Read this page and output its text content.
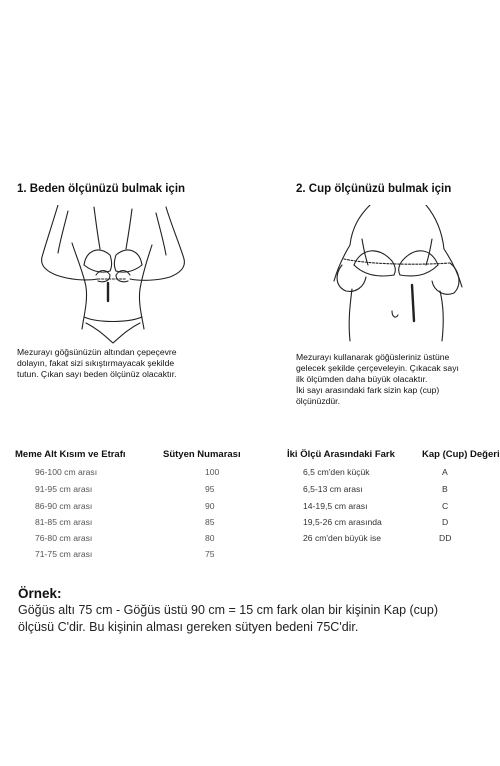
1. Beden ölçünüzü bulmak için
Mezurayı göğsünüzün altından çepeçevre
dolayın, fakat sizi sıkıştırmayacak şekilde
tutun. Çıkan sayı beden ölçünüz olacaktır.
2. Cup ölçünüzü bulmak için
Mezurayı kullanarak göğüsleriniz üstüne
gelecek şekilde çerçeveleyin. Çıkacak sayı
ilk ölçümden daha büyük olacaktır.
İki sayı arasındaki fark sizin kap (cup)
ölçünüzdür.
Meme Alt Kısım ve Etrafı	Sütyen Numarası
96-100 cm arası	100
91-95 cm arası	95
86-90 cm arası	90
81-85 cm arası	85
76-80 cm arası	80
71-75 cm arası	75
İki Ölçü Arasındaki Fark	Kap (Cup) Değeri
6,5 cm'den küçük	A
6,5-13 cm arası	B
14-19,5 cm arası	C
19,5-26 cm arasında	D
26 cm'den büyük ise	DD
Örnek:
Göğüs altı 75 cm - Göğüs üstü 90 cm = 15 cm fark olan bir kişinin Kap (cup)
ölçüsü C'dir. Bu kişinin alması gereken sütyen bedeni 75C'dir.
